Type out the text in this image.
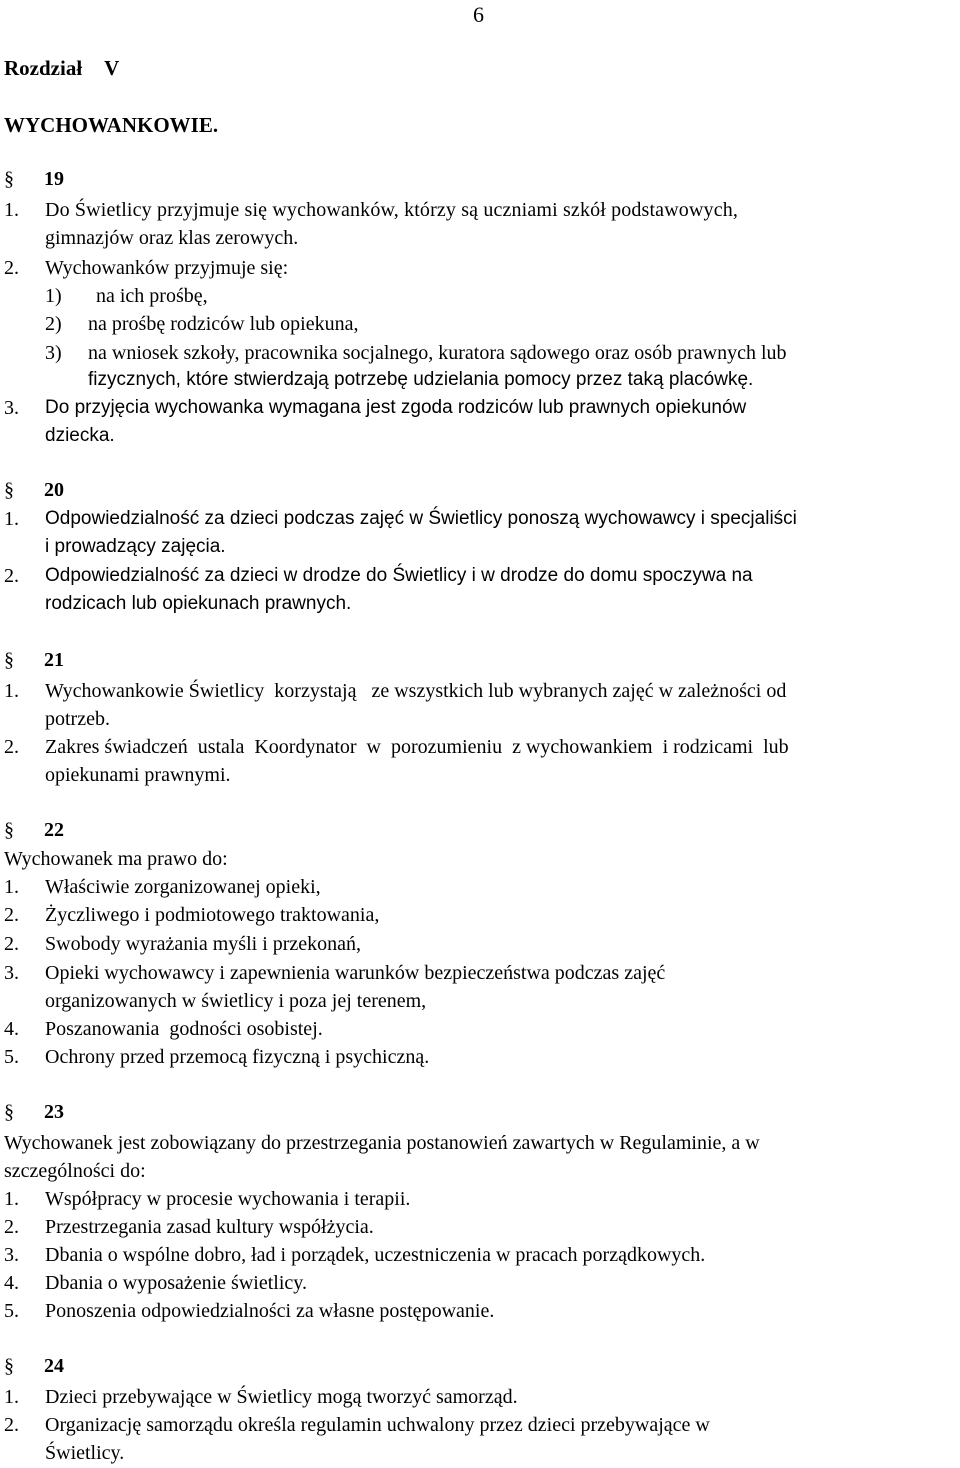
6
Rozdział V
WYCHOWANKOWIE.
§ 19
1. Do Świetlicy przyjmuje się wychowanków, którzy są uczniami szkół podstawowych,
gimnazjów oraz klas zerowych.
2. Wychowanków przyjmuje się:
1) na ich prośbę,
2) na prośbę rodziców lub opiekuna,
3) na wniosek szkoły, pracownika socjalnego, kuratora sądowego oraz osób prawnych lub
fizycznych, które stwierdzają potrzebę udzielania pomocy przez taką placówkę.
3. Do przyjęcia wychowanka wymagana jest zgoda rodziców lub prawnych opiekunów
dziecka.
§ 20
1. Odpowiedzialność za dzieci podczas zajęć w Świetlicy ponoszą wychowawcy i specjaliści
i prowadzący zajęcia.
2. Odpowiedzialność za dzieci w drodze do Świetlicy i w drodze do domu spoczywa na
rodzicach lub opiekunach prawnych.
§ 21
1. Wychowankowie Świetlicy  korzystają   ze wszystkich lub wybranych zajęć w zależności od
potrzeb.
2. Zakres świadczeń  ustala  Koordynator  w  porozumieniu  z wychowankiem  i rodzicami  lub
opiekunami prawnymi.
§ 22
Wychowanek ma prawo do:
1. Właściwie zorganizowanej opieki,
2. Życzliwego i podmiotowego traktowania,
2. Swobody wyrażania myśli i przekonań,
3. Opieki wychowawcy i zapewnienia warunków bezpieczeństwa podczas zajęć
organizowanych w świetlicy i poza jej terenem,
4. Poszanowania  godności osobistej.
5. Ochrony przed przemocą fizyczną i psychiczną.
§ 23
Wychowanek jest zobowiązany do przestrzegania postanowień zawartych w Regulaminie, a w
szczególności do:
1. Współpracy w procesie wychowania i terapii.
2. Przestrzegania zasad kultury współżycia.
3. Dbania o wspólne dobro, ład i porządek, uczestniczenia w pracach porządkowych.
4. Dbania o wyposażenie świetlicy.
5. Ponoszenia odpowiedzialności za własne postępowanie.
§ 24
1. Dzieci przebywające w Świetlicy mogą tworzyć samorząd.
2. Organizację samorządu określa regulamin uchwalony przez dzieci przebywające w
Świetlicy.
